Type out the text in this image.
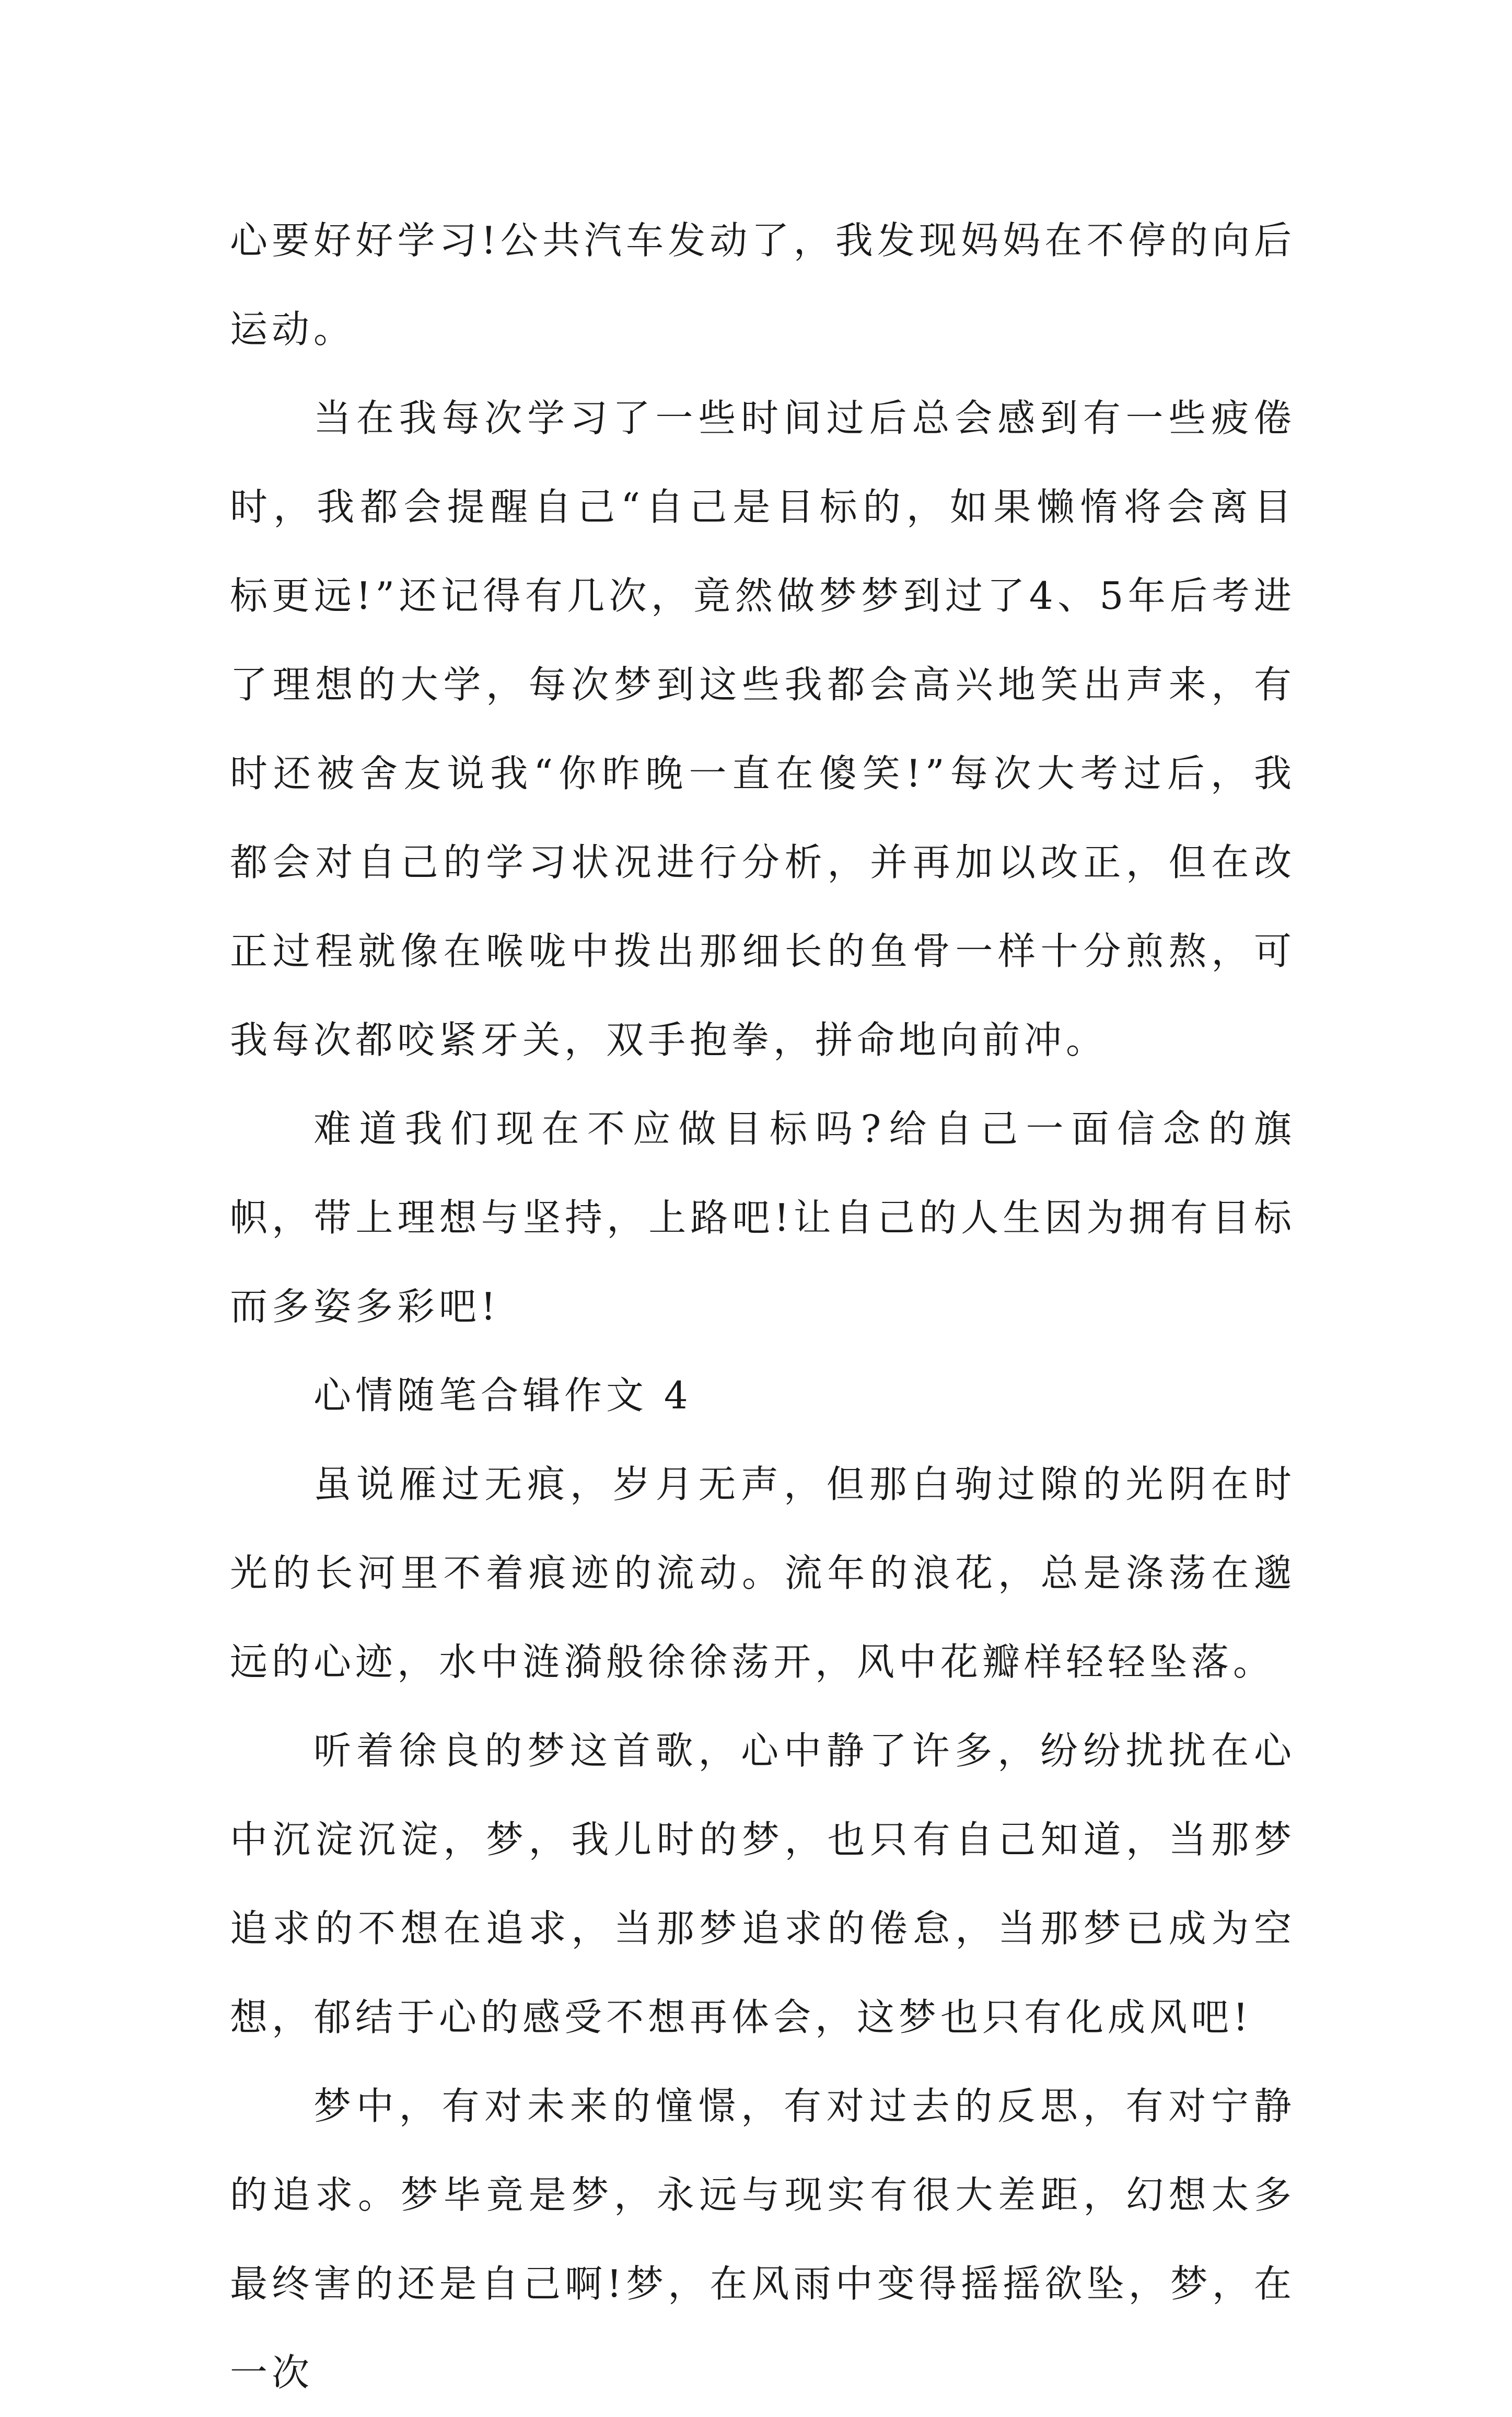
心要好好学习!公共汽车发动了，我发现妈妈在不停的向后运动。

当在我每次学习了一些时间过后总会感到有一些疲倦时，我都会提醒自己“自己是目标的，如果懒惰将会离目标更远!”还记得有几次，竟然做梦梦到过了4、5年后考进了理想的大学，每次梦到这些我都会高兴地笑出声来，有时还被舍友说我“你昨晚一直在傻笑!”每次大考过后，我都会对自己的学习状况进行分析，并再加以改正，但在改正过程就像在喉咙中拨出那细长的鱼骨一样十分煎熬，可我每次都咬紧牙关，双手抱拳，拼命地向前冲。

难道我们现在不应做目标吗?给自己一面信念的旗帜，带上理想与坚持，上路吧!让自己的人生因为拥有目标而多姿多彩吧!

心情随笔合辑作文 4

虽说雁过无痕，岁月无声，但那白驹过隙的光阴在时光的长河里不着痕迹的流动。流年的浪花，总是涤荡在邈远的心迹，水中涟漪般徐徐荡开，风中花瓣样轻轻坠落。

听着徐良的梦这首歌，心中静了许多，纷纷扰扰在心中沉淀沉淀，梦，我儿时的梦，也只有自己知道，当那梦追求的不想在追求，当那梦追求的倦怠，当那梦已成为空想，郁结于心的感受不想再体会，这梦也只有化成风吧!

梦中，有对未来的憧憬，有对过去的反思，有对宁静的追求。梦毕竟是梦，永远与现实有很大差距，幻想太多最终害的还是自己啊!梦，在风雨中变得摇摇欲坠，梦，在一次
